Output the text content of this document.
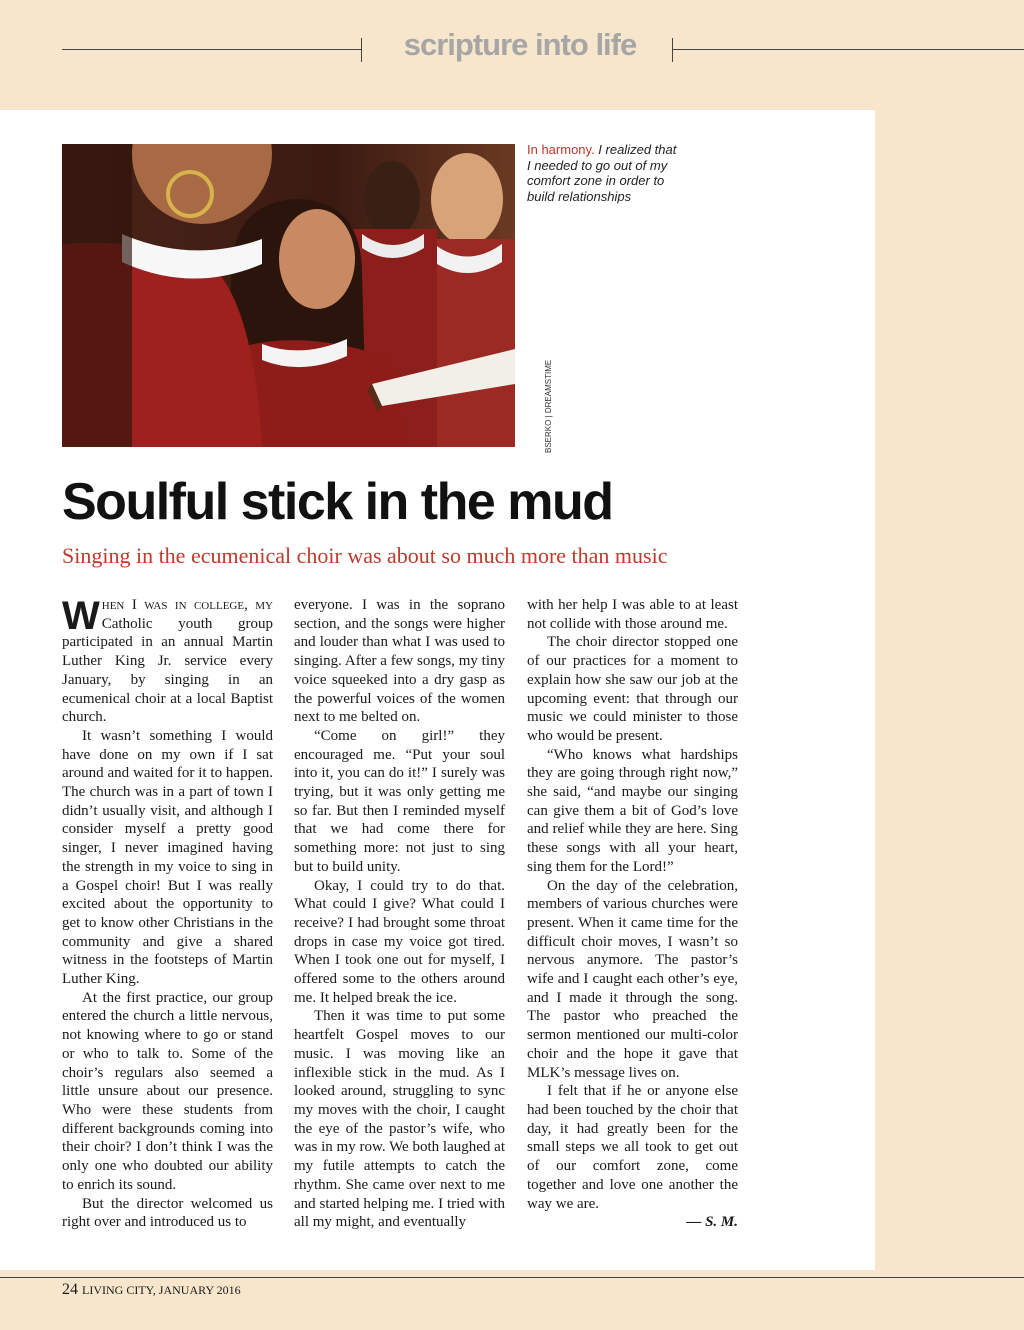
scripture into life
BSERKO | DREAMSTIME
In harmony. I realized that I needed to go out of my comfort zone in order to build relationships
Soulful stick in the mud
Singing in the ecumenical choir was about so much more than music

When I was in college, my Catholic youth group participated in an annual Martin Luther King Jr. service every January, by singing in an ecumenical choir at a local Baptist church.

It wasn’t something I would have done on my own if I sat around and waited for it to happen. The church was in a part of town I didn’t usually visit, and although I consider myself a pretty good singer, I never imagined having the strength in my voice to sing in a Gospel choir! But I was really excited about the opportunity to get to know other Christians in the community and give a shared witness in the footsteps of Martin Luther King.

At the first practice, our group entered the church a little nervous, not knowing where to go or stand or who to talk to. Some of the choir’s regulars also seemed a little unsure about our presence. Who were these students from different backgrounds coming into their choir? I don’t think I was the only one who doubted our ability to enrich its sound.

But the director welcomed us right over and introduced us to

everyone. I was in the soprano section, and the songs were higher and louder than what I was used to singing. After a few songs, my tiny voice squeeked into a dry gasp as the powerful voices of the women next to me belted on.

“Come on girl!” they encouraged me. “Put your soul into it, you can do it!” I surely was trying, but it was only getting me so far. But then I reminded myself that we had come there for something more: not just to sing but to build unity.

Okay, I could try to do that. What could I give? What could I receive? I had brought some throat drops in case my voice got tired. When I took one out for myself, I offered some to the others around me. It helped break the ice.

Then it was time to put some heartfelt Gospel moves to our music. I was moving like an inflexible stick in the mud. As I looked around, struggling to sync my moves with the choir, I caught the eye of the pastor’s wife, who was in my row. We both laughed at my futile attempts to catch the rhythm. She came over next to me and started helping me. I tried with all my might, and eventually

with her help I was able to at least not collide with those around me.

The choir director stopped one of our practices for a moment to explain how she saw our job at the upcoming event: that through our music we could minister to those who would be present.

“Who knows what hardships they are going through right now,” she said, “and maybe our singing can give them a bit of God’s love and relief while they are here. Sing these songs with all your heart, sing them for the Lord!”

On the day of the celebration, members of various churches were present. When it came time for the difficult choir moves, I wasn’t so nervous anymore. The pastor’s wife and I caught each other’s eye, and I made it through the song. The pastor who preached the sermon mentioned our multi-color choir and the hope it gave that MLK’s message lives on.

I felt that if he or anyone else had been touched by the choir that day, it had greatly been for the small steps we all took to get out of our comfort zone, come together and love one another the way we are.

— S. M.

24 LIVING CITY, JANUARY 2016
